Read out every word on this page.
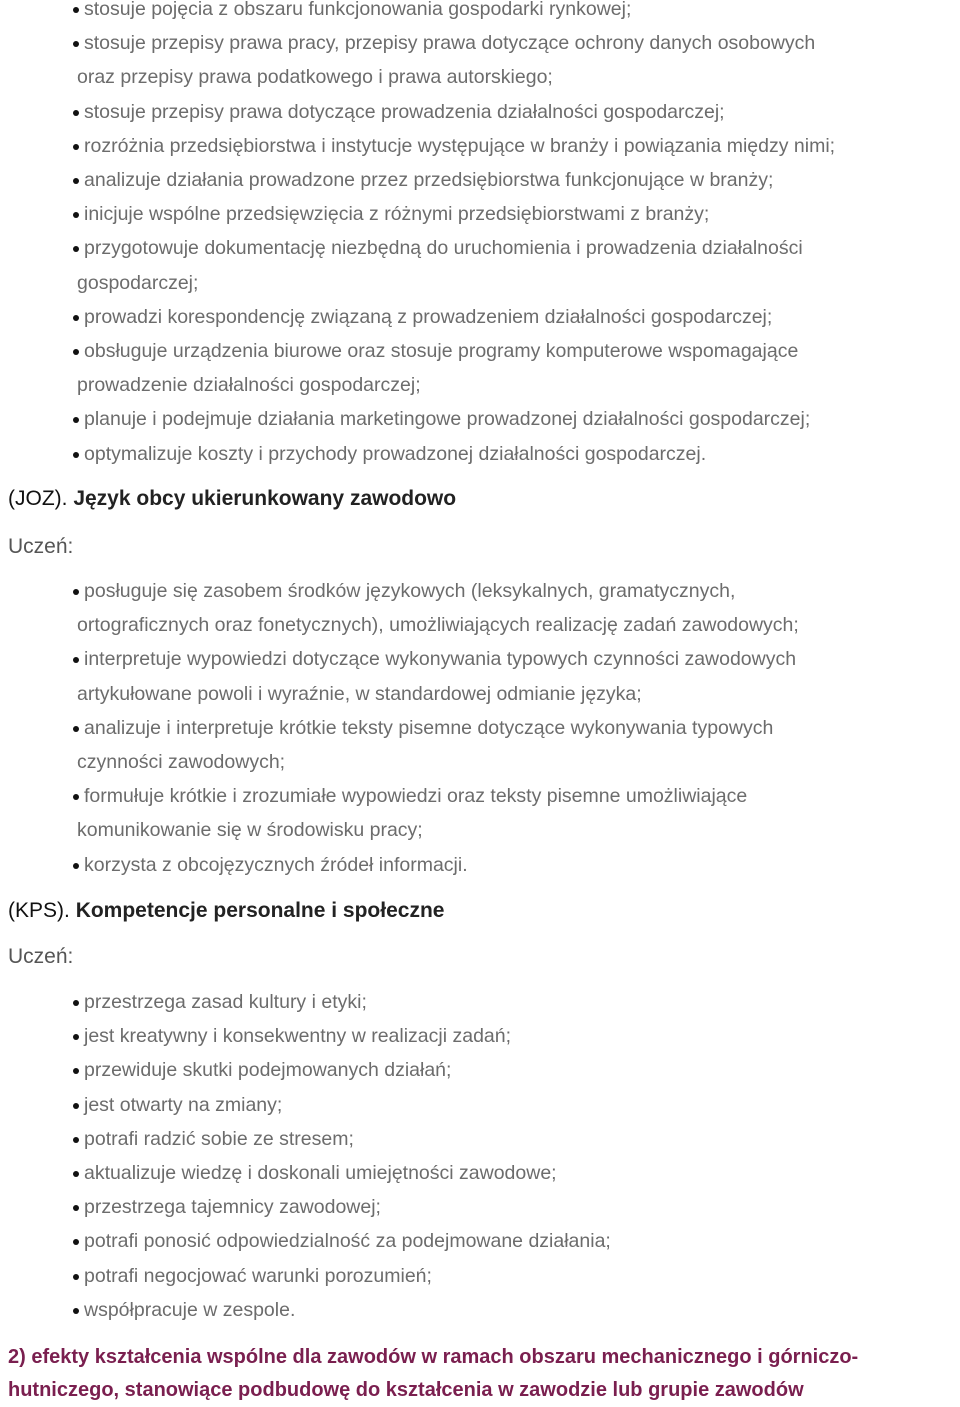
stosuje pojęcia z obszaru funkcjonowania gospodarki rynkowej;
stosuje przepisy prawa pracy, przepisy prawa dotyczące ochrony danych osobowych
oraz przepisy prawa podatkowego i prawa autorskiego;
stosuje przepisy prawa dotyczące prowadzenia działalności gospodarczej;
rozróżnia przedsiębiorstwa i instytucje występujące w branży i powiązania między nimi;
analizuje działania prowadzone przez przedsiębiorstwa funkcjonujące w branży;
inicjuje wspólne przedsięwzięcia z różnymi przedsiębiorstwami z branży;
przygotowuje dokumentację niezbędną do uruchomienia i prowadzenia działalności
gospodarczej;
prowadzi korespondencję związaną z prowadzeniem działalności gospodarczej;
obsługuje urządzenia biurowe oraz stosuje programy komputerowe wspomagające
prowadzenie działalności gospodarczej;
planuje i podejmuje działania marketingowe prowadzonej działalności gospodarczej;
optymalizuje koszty i przychody prowadzonej działalności gospodarczej.
(JOZ). Język obcy ukierunkowany zawodowo
Uczeń:
posługuje się zasobem środków językowych (leksykalnych, gramatycznych,
ortograficznych oraz fonetycznych), umożliwiających realizację zadań zawodowych;
interpretuje wypowiedzi dotyczące wykonywania typowych czynności zawodowych
artykułowane powoli i wyraźnie, w standardowej odmianie języka;
analizuje i interpretuje krótkie teksty pisemne dotyczące wykonywania typowych
czynności zawodowych;
formułuje krótkie i zrozumiałe wypowiedzi oraz teksty pisemne umożliwiające
komunikowanie się w środowisku pracy;
korzysta z obcojęzycznych źródeł informacji.
(KPS). Kompetencje personalne i społeczne
Uczeń:
przestrzega zasad kultury i etyki;
jest kreatywny i konsekwentny w realizacji zadań;
przewiduje skutki podejmowanych działań;
jest otwarty na zmiany;
potrafi radzić sobie ze stresem;
aktualizuje wiedzę i doskonali umiejętności zawodowe;
przestrzega tajemnicy zawodowej;
potrafi ponosić odpowiedzialność za podejmowane działania;
potrafi negocjować warunki porozumień;
współpracuje w zespole.
2) efekty kształcenia wspólne dla zawodów w ramach obszaru mechanicznego i górniczo-
hutniczego, stanowiące podbudowę do kształcenia w zawodzie lub grupie zawodów
